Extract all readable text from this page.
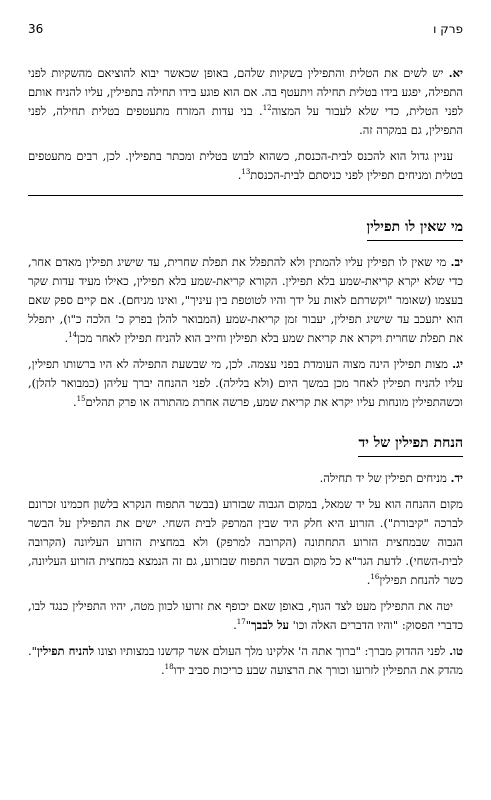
36	פרק ו

יא. יש לשים את הטלית והתפילין בשקיות שלהם, באופן שכאשר יבוא להוציאם מהשקיות לפני התפילה, יפגע בידו בטלית תחילה ויתעטף בה. אם הוא פוגע בידו תחילה בתפילין, עליו להניח אותם לפני הטלית, כדי שלא לעבור על המצוה$^{12}$. בני עדות המזרח מתעטפים בטלית תחילה, לפני התפילין, גם במקרה זה.

עניין גדול הוא להכנס לבית-הכנסת, כשהוא לבוש בטלית ומכתר בתפילין. לכן, רבים מתעטפים בטלית ומניחים תפילין לפני כניסתם לבית-הכנסת$^{13}$.

מי שאין לו תפילין

יב. מי שאין לו תפילין עליו להמתין ולא להתפלל את תפלת שחרית, עד שישיג תפילין מאדם אחר, כדי שלא יקרא קריאת-שמע בלא תפילין. הקורא קריאת-שמע בלא תפילין, כאילו מעיד עדות שקר בעצמו (שאומר "וקשרתם לאות על ידך והיו לטוטפת בין עיניך", ואינו מניחם). אם קיים ספק שאם הוא יתעכב עד שישיג תפילין, יעבור זמן קריאת-שמע (המבואר להלן בפרק כ' הלכה כ"ו), יתפלל את תפלת שחרית ויקרא את קריאת שמע בלא תפילין וחייב הוא להניח תפילין לאחר מכן$^{14}$.

יג. מצות תפילין הינה מצוה העומדת בפני עצמה. לכן, מי שבשעת התפילה לא היו ברשותו תפילין, עליו להניח תפילין לאחר מכן במשך היום (ולא בלילה). לפני ההנחה יברך עליהן (כמבואר להלן), וכשהתפילין מונחות עליו יקרא את קריאת שמע, פרשה אחרת מהתורה או פרק תהלים$^{15}$.

הנחת תפילין של יד

יד. מניחים תפילין של יד תחילה.

מקום ההנחה הוא על יד שמאל, במקום הגבוה שבזרוע (בבשר התפוח הנקרא בלשון חכמינו זכרונם לברכה "קיבורת"). הזרוע היא חלק היד שבין המרפק לבית השחי. ישים את התפילין על הבשר הגבוה שבמחצית הזרוע התחתונה (הקרובה למרפק) ולא במחצית הזרוע העליונה (הקרובה לבית-השחי). לדעת הגר"א כל מקום הבשר התפוח שבזרוע, גם זה הנמצא במחצית הזרוע העליונה, כשר להנחת תפילין$^{16}$.

יטה את התפילין מעט לצד הגוף, באופן שאם יכופף את זרועו לכוון מטה, יהיו התפילין כנגד לבו, כדברי הפסוק: "והיו הדברים האלה וכו' על לבבך"$^{17}$.

טו. לפני ההדוק מברך: "ברוך אתה ה' אלקינו מלך העולם אשר קדשנו במצותיו וצונו להניח תפילין". מהדק את התפילין לזרועו וכורך את הרצועה שבע כריכות סביב ידו$^{18}$.
